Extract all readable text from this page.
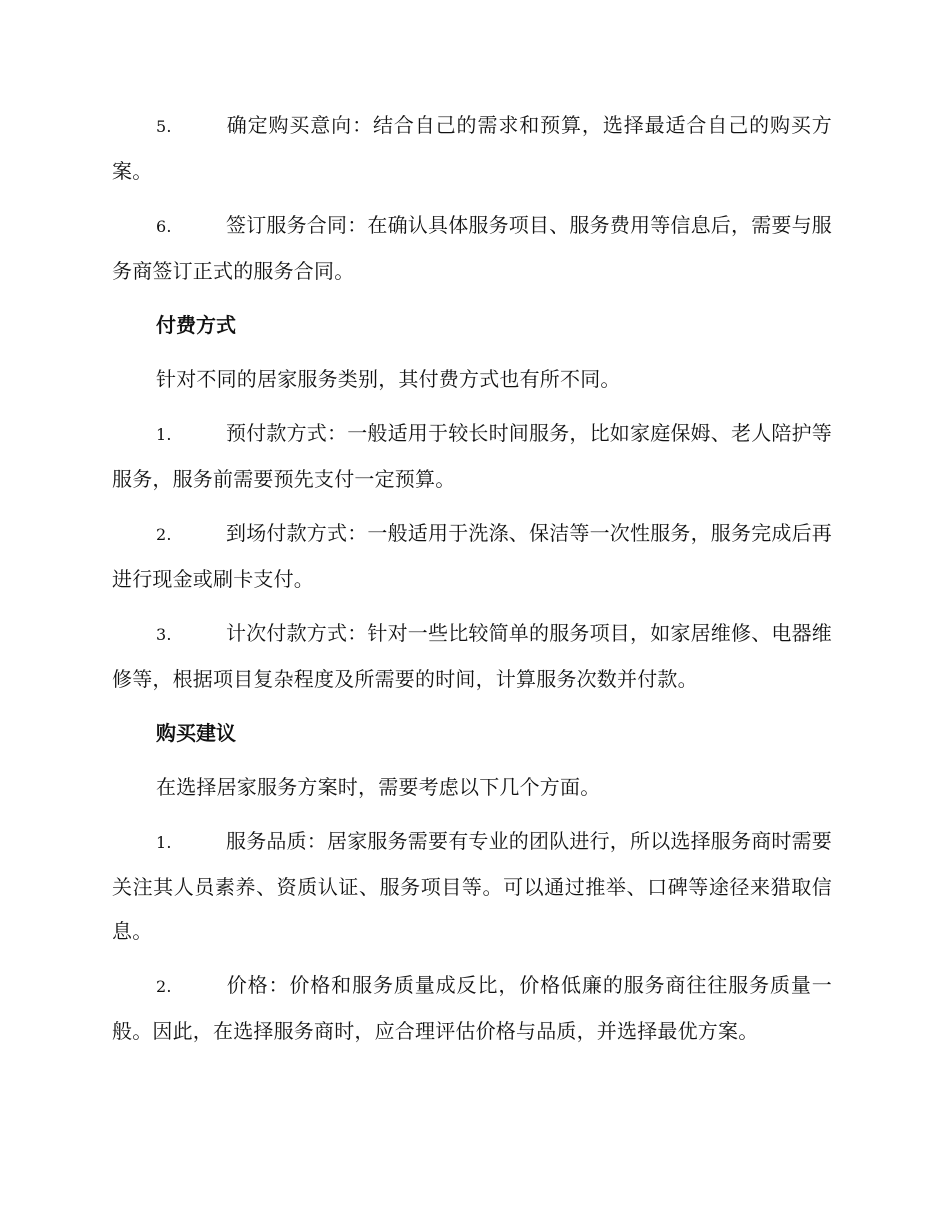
5.	确定购买意向：结合自己的需求和预算，选择最适合自己的购买方案。

6.	签订服务合同：在确认具体服务项目、服务费用等信息后，需要与服务商签订正式的服务合同。

付费方式

针对不同的居家服务类别，其付费方式也有所不同。

1.	预付款方式：一般适用于较长时间服务，比如家庭保姆、老人陪护等服务，服务前需要预先支付一定预算。

2.	到场付款方式：一般适用于洗涤、保洁等一次性服务，服务完成后再进行现金或刷卡支付。

3.	计次付款方式：针对一些比较简单的服务项目，如家居维修、电器维修等，根据项目复杂程度及所需要的时间，计算服务次数并付款。

购买建议

在选择居家服务方案时，需要考虑以下几个方面。

1.	服务品质：居家服务需要有专业的团队进行，所以选择服务商时需要关注其人员素养、资质认证、服务项目等。可以通过推举、口碑等途径来猎取信息。

2.	价格：价格和服务质量成反比，价格低廉的服务商往往服务质量一般。因此，在选择服务商时，应合理评估价格与品质，并选择最优方案。
